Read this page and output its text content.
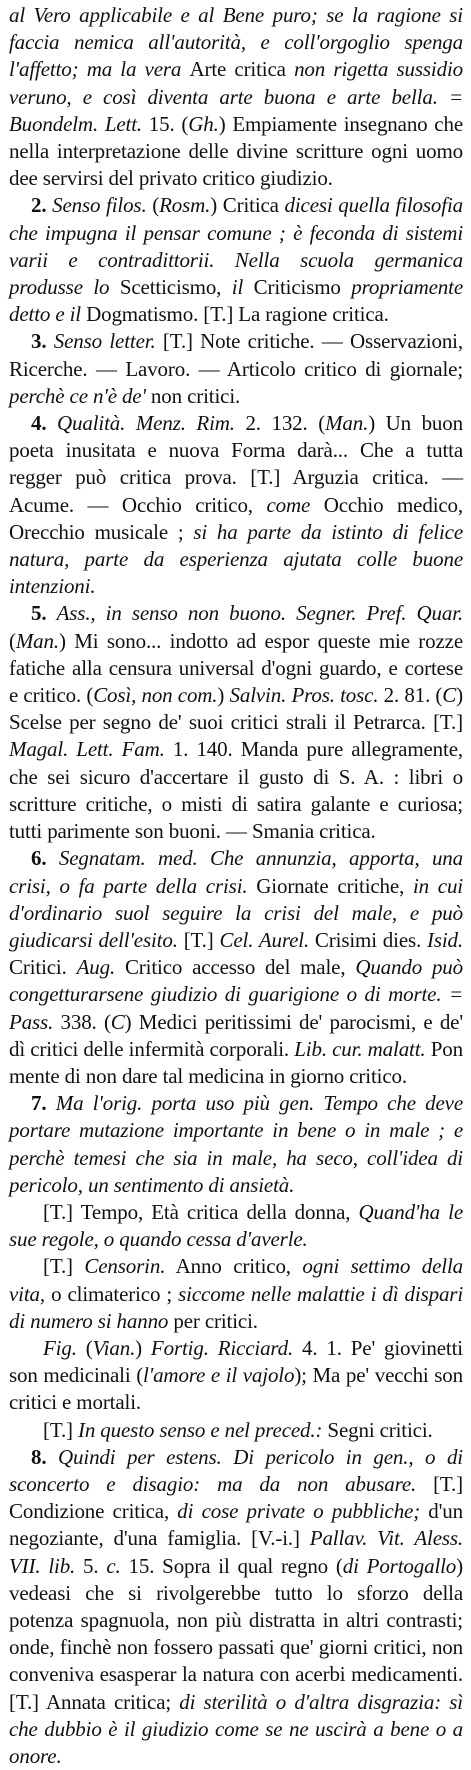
al Vero applicabile e al Bene puro; se la ragione si faccia nemica all'autorità, e coll'orgoglio spenga l'affetto; ma la vera Arte critica non rigetta sussidio veruno, e così diventa arte buona e arte bella. = Buondelm. Lett. 15. (Gh.) Empiamente insegnano che nella interpretazione delle divine scritture ogni uomo dee servirsi del privato critico giudizio.

2. Senso filos. (Rosm.) Critica dicesi quella filosofia che impugna il pensar comune ; è feconda di sistemi varii e contradittorii. Nella scuola germanica produsse lo Scetticismo, il Criticismo propriamente detto e il Dogmatismo. [T.] La ragione critica.

3. Senso letter. [T.] Note critiche. — Osservazioni, Ricerche. — Lavoro. — Articolo critico di giornale; perchè ce n'è de' non critici.

4. Qualità. Menz. Rim. 2. 132. (Man.) Un buon poeta inusitata e nuova Forma darà... Che a tutta regger può critica prova. [T.] Arguzia critica. — Acume. — Occhio critico, come Occhio medico, Orecchio musicale ; si ha parte da istinto di felice natura, parte da esperienza ajutata colle buone intenzioni.

5. Ass., in senso non buono. Segner. Pref. Quar. (Man.) Mi sono... indotto ad espor queste mie rozze fatiche alla censura universal d'ogni guardo, e cortese e critico. (Così, non com.) Salvin. Pros. tosc. 2. 81. (C) Scelse per segno de' suoi critici strali il Petrarca. [T.] Magal. Lett. Fam. 1. 140. Manda pure allegramente, che sei sicuro d'accertare il gusto di S. A. : libri o scritture critiche, o misti di satira galante e curiosa; tutti parimente son buoni. — Smania critica.

6. Segnatam. med. Che annunzia, apporta, una crisi, o fa parte della crisi. Giornate critiche, in cui d'ordinario suol seguire la crisi del male, e può giudicarsi dell'esito. [T.] Cel. Aurel. Crisimi dies. Isid. Critici. Aug. Critico accesso del male, Quando può congetturarsene giudizio di guarigione o di morte. = Pass. 338. (C) Medici peritissimi de' parocismi, e de' dì critici delle infermità corporali. Lib. cur. malatt. Pon mente di non dare tal medicina in giorno critico.

7. Ma l'orig. porta uso più gen. Tempo che deve portare mutazione importante in bene o in male ; e perchè temesi che sia in male, ha seco, coll'idea di pericolo, un sentimento di ansietà.

[T.] Tempo, Età critica della donna, Quand'ha le sue regole, o quando cessa d'averle.

[T.] Censorin. Anno critico, ogni settimo della vita, o climaterico ; siccome nelle malattie i dì dispari di numero si hanno per critici.

Fig. (Vian.) Fortig. Ricciard. 4. 1. Pe' giovinetti son medicinali (l'amore e il vajolo); Ma pe' vecchi son critici e mortali.

[T.] In questo senso e nel preced.: Segni critici.

8. Quindi per estens. Di pericolo in gen., o di sconcerto e disagio: ma da non abusare. [T.] Condizione critica, di cose private o pubbliche; d'un negoziante, d'una famiglia. [V.-i.] Pallav. Vit. Aless. VII. lib. 5. c. 15. Sopra il qual regno (di Portogallo) vedeasi che si rivolgerebbe tutto lo sforzo della potenza spagnuola, non più distratta in altri contrasti; onde, finchè non fossero passati que' giorni critici, non conveniva esasperar la natura con acerbi medicamenti. [T.] Annata critica; di sterilità o d'altra disgrazia: sì che dubbio è il giudizio come se ne uscirà a bene o a onore.
